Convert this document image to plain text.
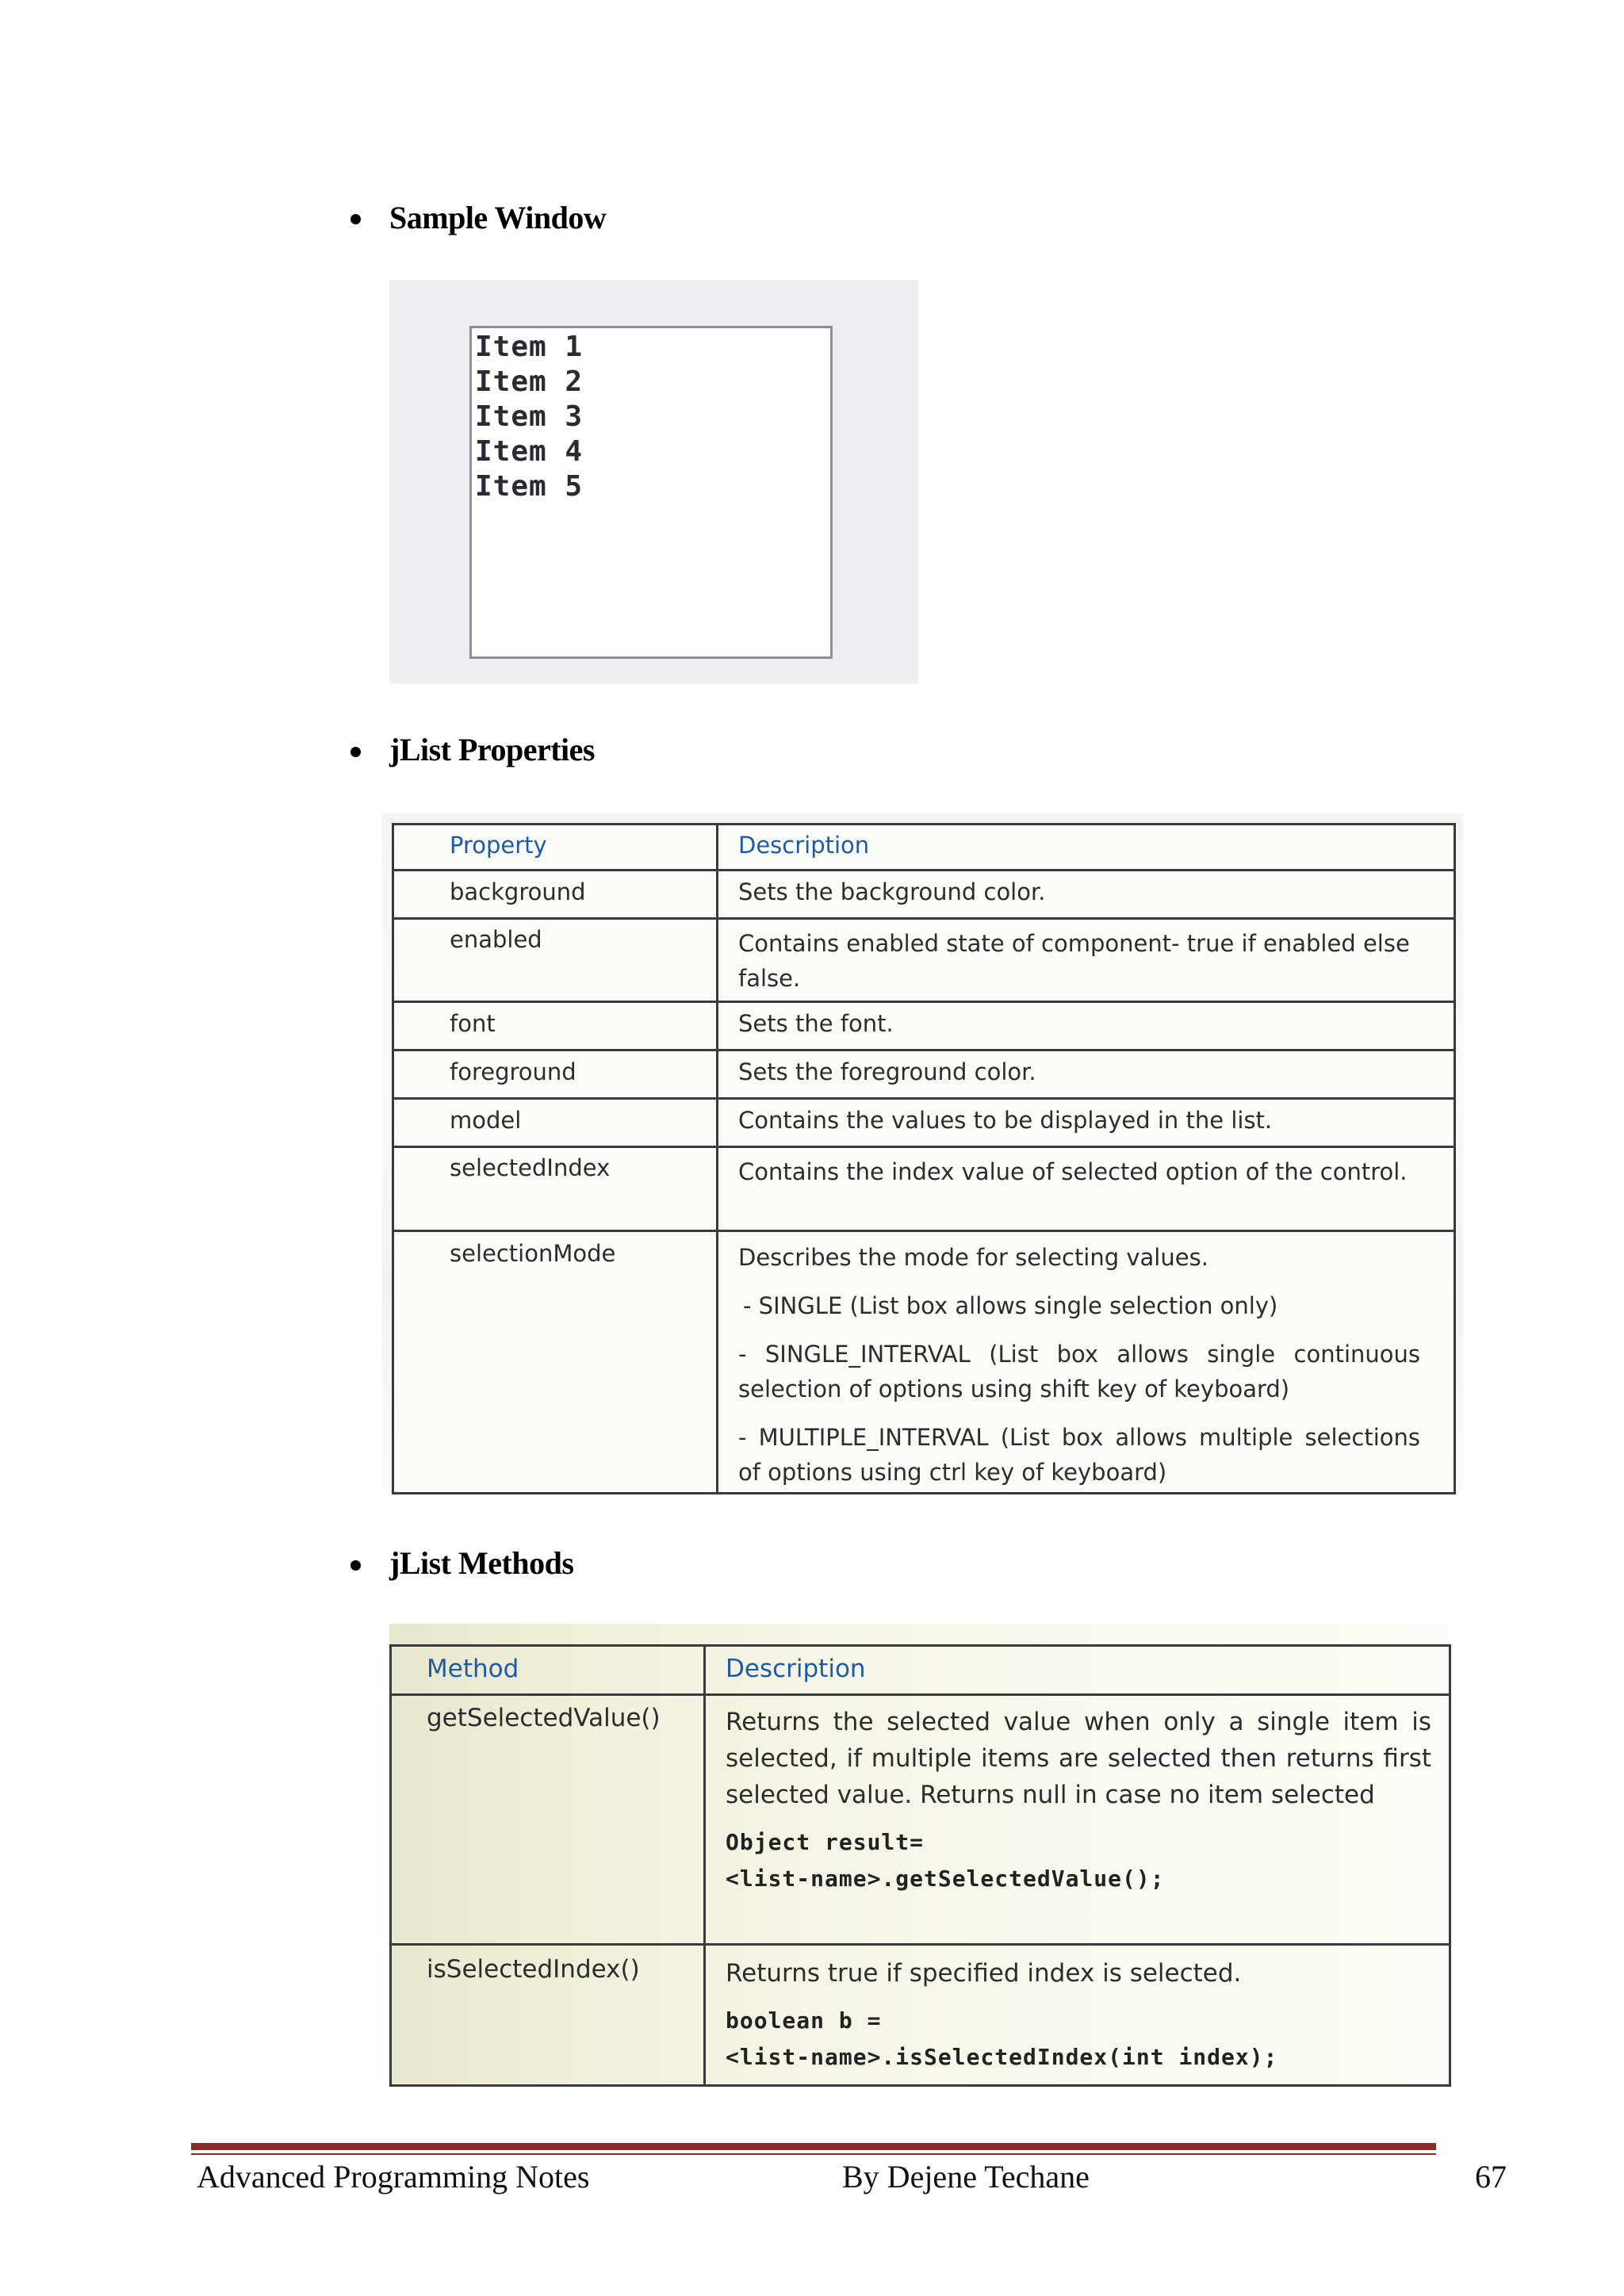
Sample Window
Item 1
Item 2
Item 3
Item 4
Item 5
jList Properties
Property	Description
background	Sets the background color.
enabled	Contains enabled state of component- true if enabled else false.
font	Sets the font.
foreground	Sets the foreground color.
model	Contains the values to be displayed in the list.
selectedIndex	Contains the index value of selected option of the control.
selectionMode	Describes the mode for selecting values.
- SINGLE (List box allows single selection only)
- SINGLE_INTERVAL (List box allows single continuous selection of options using shift key of keyboard)
- MULTIPLE_INTERVAL (List box allows multiple selections of options using ctrl key of keyboard)
jList Methods
Method	Description
getSelectedValue()	Returns the selected value when only a single item is selected, if multiple items are selected then returns first selected value. Returns null in case no item selected
Object result=
<list-name>.getSelectedValue();

isSelectedIndex()	Returns true if specified index is selected.
boolean b =
<list-name>.isSelectedIndex(int index);
Advanced Programming Notes	By Dejene Techane	67
